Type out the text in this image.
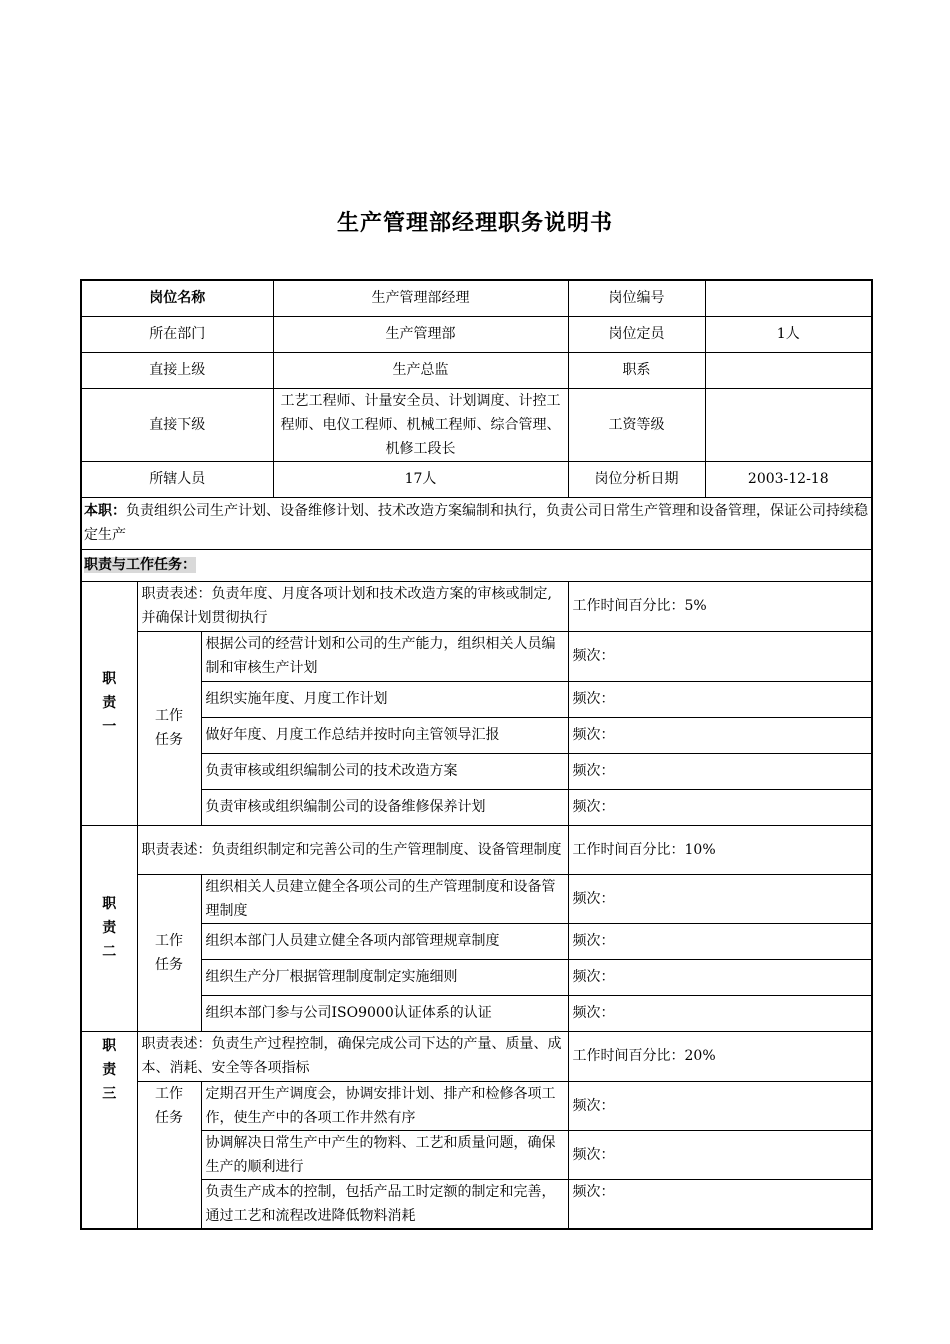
生产管理部经理职务说明书
岗位名称			生产管理部经理	岗位编号	
所在部门			生产管理部	岗位定员	1人
直接上级			生产总监	职系	
直接下级			工艺工程师、计量安全员、计划调度、计控工程师、电仪工程师、机械工程师、综合管理、机修工段长	工资等级	
所辖人员			17人	岗位分析日期	2003-12-18
本职：负责组织公司生产计划、设备维修计划、技术改造方案编制和执行，负责公司日常生产管理和设备管理，保证公司持续稳定生产					
职责与工作任务：					

职
责
一	职责表述：负责年度、月度各项计划和技术改造方案的审核或制定,并确保计划贯彻执行			工作时间百分比：5%	

	工作
任务	根据公司的经营计划和公司的生产能力，组织相关人员编制和审核生产计划		频次：	
		组织实施年度、月度工作计划		频次：	
		做好年度、月度工作总结并按时向主管领导汇报		频次：	
		负责审核或组织编制公司的技术改造方案		频次：	
		负责审核或组织编制公司的设备维修保养计划		频次：	

职
责
二	职责表述：负责组织制定和完善公司的生产管理制度、设备管理制度			工作时间百分比：10%	

	工作
任务	组织相关人员建立健全各项公司的生产管理制度和设备管理制度		频次：	
		组织本部门人员建立健全各项内部管理规章制度		频次：	
		组织生产分厂根据管理制度制定实施细则		频次：	
		组织本部门参与公司ISO9000认证体系的认证		频次：	

职
责
三	职责表述：负责生产过程控制，确保完成公司下达的产量、质量、成本、消耗、安全等各项指标			工作时间百分比：20%	

	工作
任务	定期召开生产调度会，协调安排计划、排产和检修各项工作，使生产中的各项工作井然有序		频次：	
		协调解决日常生产中产生的物料、工艺和质量问题，确保生产的顺利进行		频次：	
		负责生产成本的控制，包括产品工时定额的制定和完善，通过工艺和流程改进降低物料消耗		频次：	
